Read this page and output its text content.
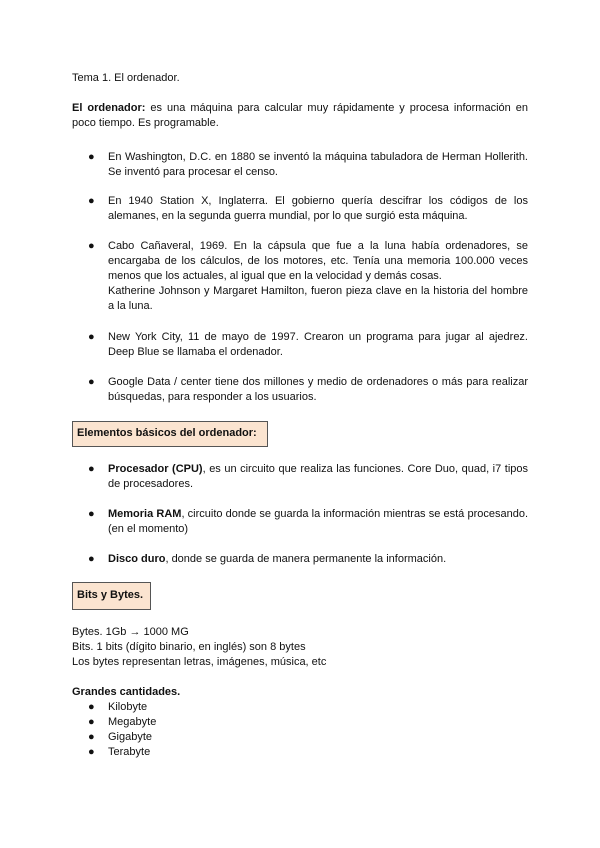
Tema 1. El ordenador.
El ordenador: es una máquina para calcular muy rápidamente y procesa información en poco tiempo. Es programable.
● En Washington, D.C. en 1880 se inventó la máquina tabuladora de Herman Hollerith. Se inventó para procesar el censo.
● En 1940 Station X, Inglaterra. El gobierno quería descifrar los códigos de los alemanes, en la segunda guerra mundial, por lo que surgió esta máquina.
● Cabo Cañaveral, 1969. En la cápsula que fue a la luna había ordenadores, se encargaba de los cálculos, de los motores, etc. Tenía una memoria 100.000 veces menos que los actuales, al igual que en la velocidad y demás cosas.
Katherine Johnson y Margaret Hamilton, fueron pieza clave en la historia del hombre a la luna.
● New York City, 11 de mayo de 1997. Crearon un programa para jugar al ajedrez. Deep Blue se llamaba el ordenador.
● Google Data / center tiene dos millones y medio de ordenadores o más para realizar búsquedas, para responder a los usuarios.
Elementos básicos del ordenador:
● Procesador (CPU), es un circuito que realiza las funciones. Core Duo, quad, i7 tipos de procesadores.
● Memoria RAM, circuito donde se guarda la información mientras se está procesando. (en el momento)
● Disco duro, donde se guarda de manera permanente la información.
Bits y Bytes.
Bytes. 1Gb → 1000 MG
Bits. 1 bits (dígito binario, en inglés) son 8 bytes
Los bytes representan letras, imágenes, música, etc
Grandes cantidades.
● Kilobyte
● Megabyte
● Gigabyte
● Terabyte
